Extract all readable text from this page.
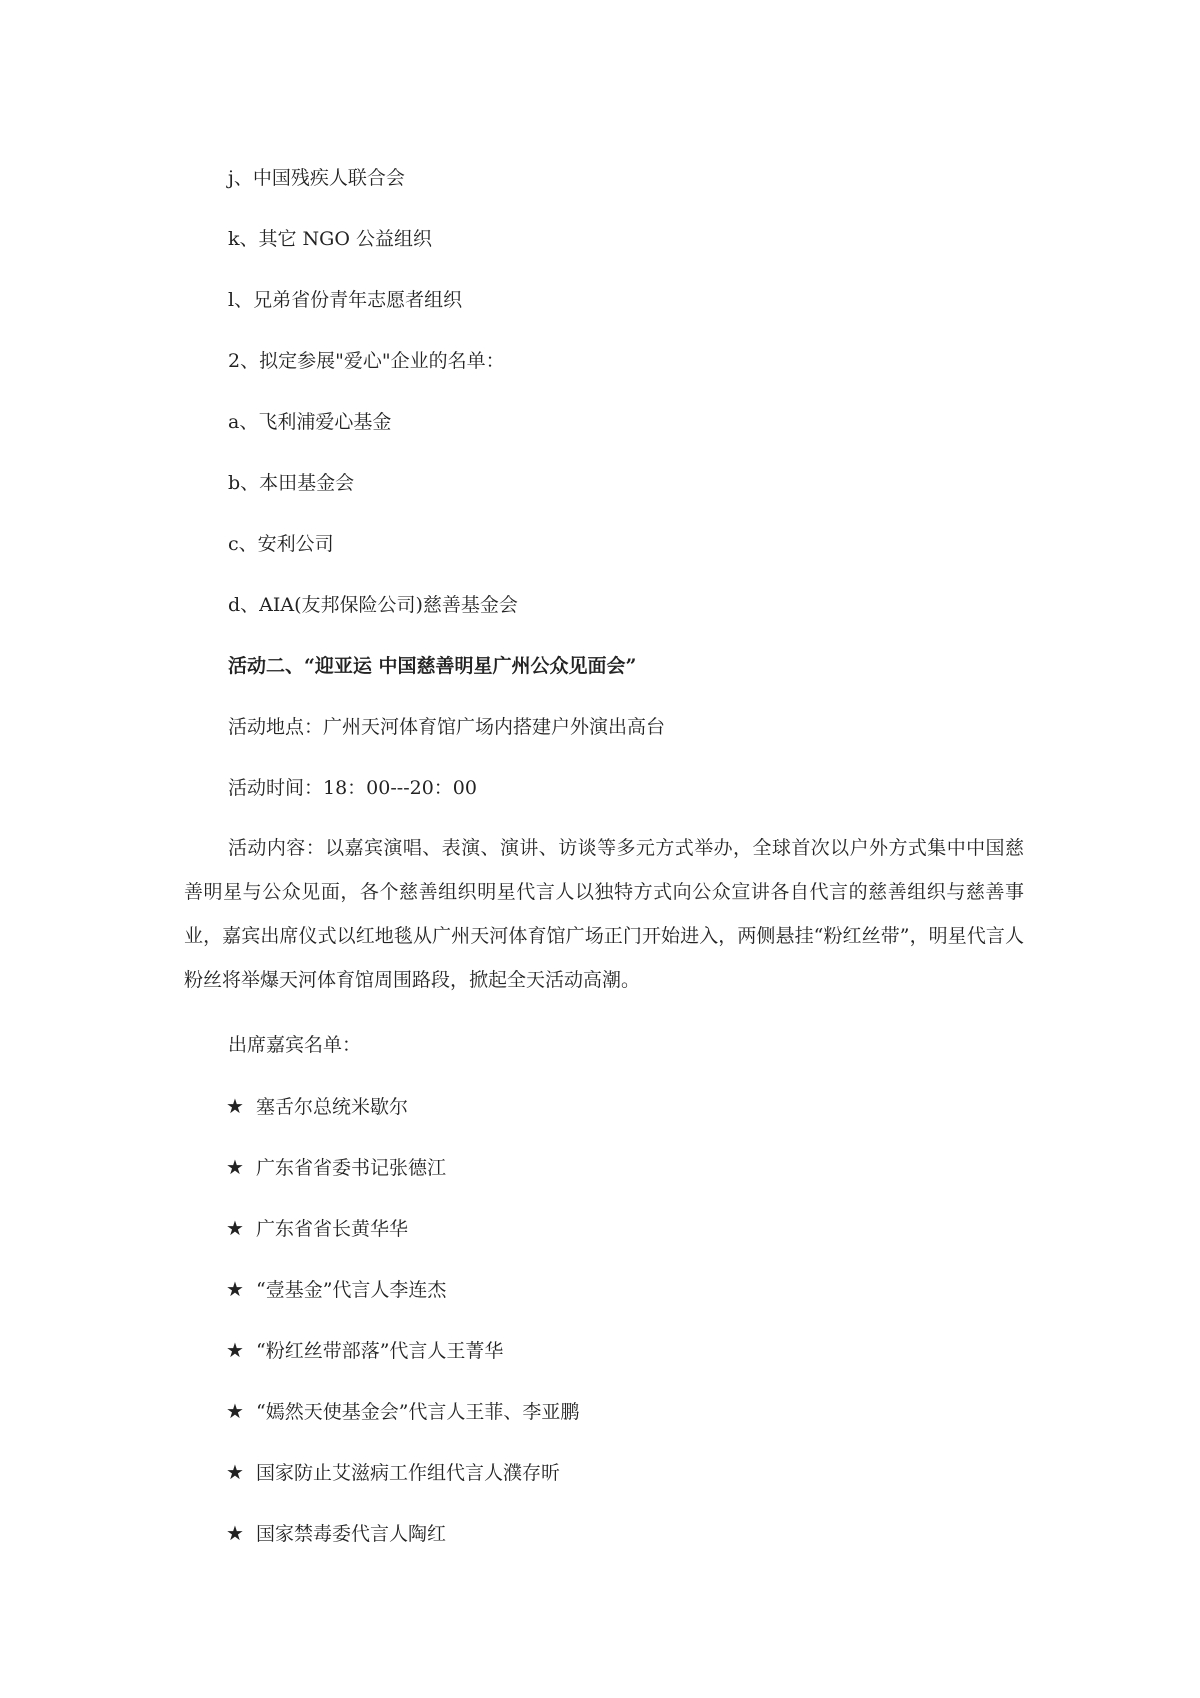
j、中国残疾人联合会

k、其它 NGO 公益组织

l、兄弟省份青年志愿者组织

2、拟定参展"爱心"企业的名单：

a、飞利浦爱心基金

b、本田基金会

c、安利公司

d、AIA(友邦保险公司)慈善基金会

活动二、“迎亚运 中国慈善明星广州公众见面会”

活动地点：广州天河体育馆广场内搭建户外演出高台

活动时间：18：00---20：00

活动内容：以嘉宾演唱、表演、演讲、访谈等多元方式举办，全球首次以户外方式集中中国慈善明星与公众见面，各个慈善组织明星代言人以独特方式向公众宣讲各自代言的慈善组织与慈善事业，嘉宾出席仪式以红地毯从广州天河体育馆广场正门开始进入，两侧悬挂“粉红丝带”，明星代言人粉丝将举爆天河体育馆周围路段，掀起全天活动高潮。

出席嘉宾名单：

★ 塞舌尔总统米歇尔

★ 广东省省委书记张德江

★ 广东省省长黄华华

★ “壹基金”代言人李连杰

★ “粉红丝带部落”代言人王菁华

★ “嫣然天使基金会”代言人王菲、李亚鹏

★ 国家防止艾滋病工作组代言人濮存昕

★ 国家禁毒委代言人陶红
